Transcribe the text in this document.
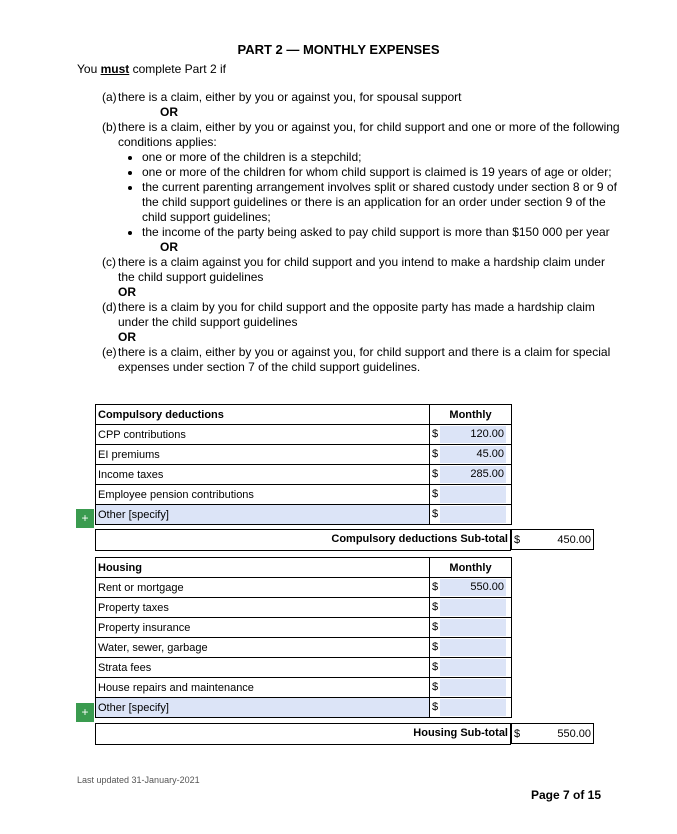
PART 2 — MONTHLY EXPENSES
You must complete Part 2 if
(a) there is a claim, either by you or against you, for spousal support
OR
(b) there is a claim, either by you or against you, for child support and one or more of the following conditions applies:
• one or more of the children is a stepchild;
• one or more of the children for whom child support is claimed is 19 years of age or older;
• the current parenting arrangement involves split or shared custody under section 8 or 9 of the child support guidelines or there is an application for an order under section 9 of the child support guidelines;
• the income of the party being asked to pay child support is more than $150 000 per year
OR
(c) there is a claim against you for child support and you intend to make a hardship claim under the child support guidelines
OR
(d) there is a claim by you for child support and the opposite party has made a hardship claim under the child support guidelines
OR
(e) there is a claim, either by you or against you, for child support and there is a claim for special expenses under section 7 of the child support guidelines.
Compulsory deductions	Monthly
CPP contributions	$ 120.00
EI premiums	$ 45.00
Income taxes	$ 285.00
Employee pension contributions	$
Other [specify]	$
+
Compulsory deductions Sub-total $	450.00
Housing	Monthly
Rent or mortgage	$ 550.00
Property taxes	$
Property insurance	$
Water, sewer, garbage	$
Strata fees	$
House repairs and maintenance	$
Other [specify]	$
+
Housing Sub-total $	550.00
Last updated 31-January-2021
Page 7 of 15
